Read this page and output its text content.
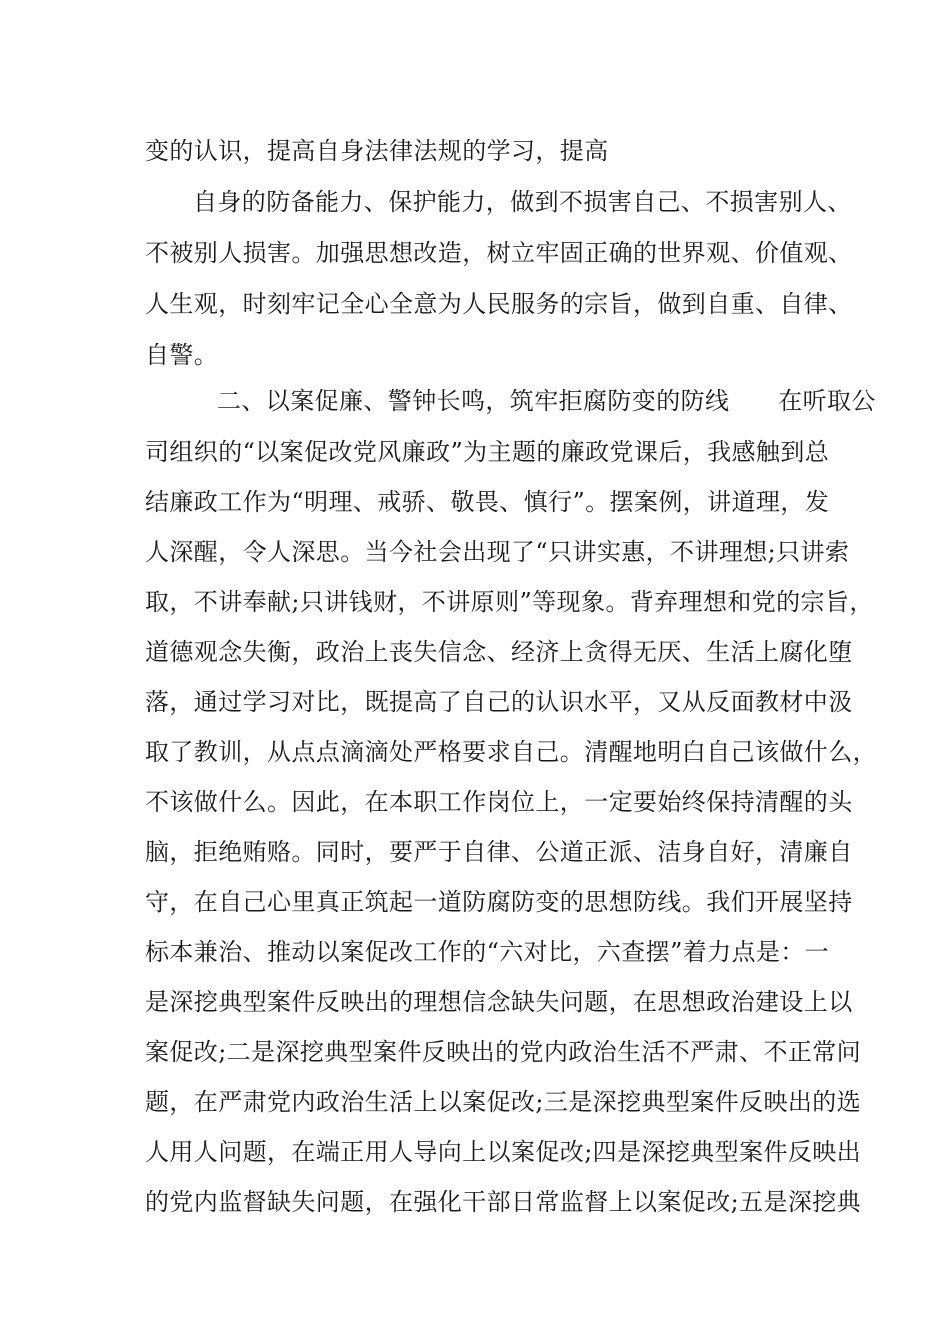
变的认识，提高自身法律法规的学习，提高
自身的防备能力、保护能力，做到不损害自己、不损害别人、
不被别人损害。加强思想改造，树立牢固正确的世界观、价值观、
人生观，时刻牢记全心全意为人民服务的宗旨，做到自重、自律、
自警。
二、以案促廉、警钟长鸣，筑牢拒腐防变的防线　　在听取公
司组织的“以案促改党风廉政”为主题的廉政党课后，我感触到总
结廉政工作为“明理、戒骄、敬畏、慎行”。摆案例，讲道理，发
人深醒，令人深思。当今社会出现了“只讲实惠，不讲理想;只讲索
取，不讲奉献;只讲钱财，不讲原则”等现象。背弃理想和党的宗旨，
道德观念失衡，政治上丧失信念、经济上贪得无厌、生活上腐化堕
落，通过学习对比，既提高了自己的认识水平，又从反面教材中汲
取了教训，从点点滴滴处严格要求自己。清醒地明白自己该做什么，
不该做什么。因此，在本职工作岗位上，一定要始终保持清醒的头
脑，拒绝贿赂。同时，要严于自律、公道正派、洁身自好，清廉自
守，在自己心里真正筑起一道防腐防变的思想防线。我们开展坚持
标本兼治、推动以案促改工作的“六对比，六查摆”着力点是：一
是深挖典型案件反映出的理想信念缺失问题，在思想政治建设上以
案促改;二是深挖典型案件反映出的党内政治生活不严肃、不正常问
题，在严肃党内政治生活上以案促改;三是深挖典型案件反映出的选
人用人问题，在端正用人导向上以案促改;四是深挖典型案件反映出
的党内监督缺失问题，在强化干部日常监督上以案促改;五是深挖典
